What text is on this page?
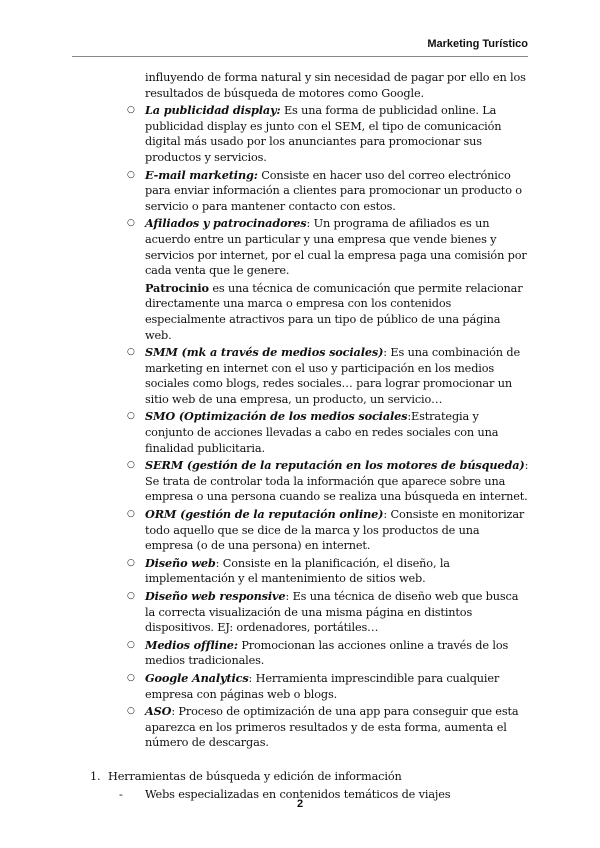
Marketing Turístico
influyendo de forma natural y sin necesidad de pagar por ello en los resultados de búsqueda de motores como Google.
○ La publicidad display: Es una forma de publicidad online. La publicidad display es junto con el SEM, el tipo de comunicación digital más usado por los anunciantes para promocionar sus productos y servicios.
○ E-mail marketing: Consiste en hacer uso del correo electrónico para enviar información a clientes para promocionar un producto o servicio o para mantener contacto con estos.
○ Afiliados y patrocinadores: Un programa de afiliados es un acuerdo entre un particular y una empresa que vende bienes y servicios por internet, por el cual la empresa paga una comisión por cada venta que le genere.
Patrocinio es una técnica de comunicación que permite relacionar directamente una marca o empresa con los contenidos especialmente atractivos para un tipo de público de una página web.
○ SMM (mk a través de medios sociales): Es una combinación de marketing en internet con el uso y participación en los medios sociales como blogs, redes sociales… para lograr promocionar un sitio web de una empresa, un producto, un servicio…
○ SMO (Optimización de los medios sociales:Estrategia y conjunto de acciones llevadas a cabo en redes sociales con una finalidad publicitaria.
○ SERM (gestión de la reputación en los motores de búsqueda): Se trata de controlar toda la información que aparece sobre una empresa o una persona cuando se realiza una búsqueda en internet.
○ ORM (gestión de la reputación online): Consiste en monitorizar todo aquello que se dice de la marca y los productos de una empresa (o de una persona) en internet.
○ Diseño web: Consiste en la planificación, el diseño, la implementación y el mantenimiento de sitios web.
○ Diseño web responsive: Es una técnica de diseño web que busca la correcta visualización de una misma página en distintos dispositivos. EJ: ordenadores, portátiles…
○ Medios offline: Promocionan las acciones online a través de los medios tradicionales.
○ Google Analytics: Herramienta imprescindible para cualquier empresa con páginas web o blogs.
○ ASO: Proceso de optimización de una app para conseguir que esta aparezca en los primeros resultados y de esta forma, aumenta el número de descargas.
1. Herramientas de búsqueda y edición de información
- Webs especializadas en contenidos temáticos de viajes
2
